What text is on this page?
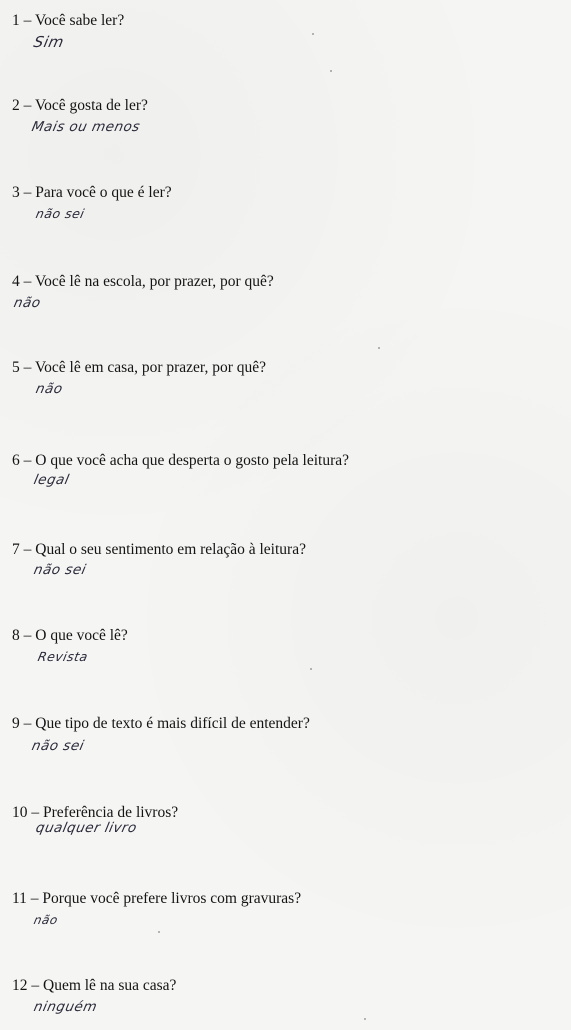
1 – Você sabe ler?
Sim
2 – Você gosta de ler?
Mais ou menos
3 – Para você o que é ler?
não sei
4 – Você lê na escola, por prazer, por quê?
não
5 – Você lê em casa, por prazer, por quê?
não
6 – O que você acha que desperta o gosto pela leitura?
legal
7 – Qual o seu sentimento em relação à leitura?
não sei
8 – O que você lê?
Revista
9 – Que tipo de texto é mais difícil de entender?
não sei
10 – Preferência de livros?
qualquer livro
11 – Porque você prefere livros com gravuras?
não
12 – Quem lê na sua casa?
ninguém
